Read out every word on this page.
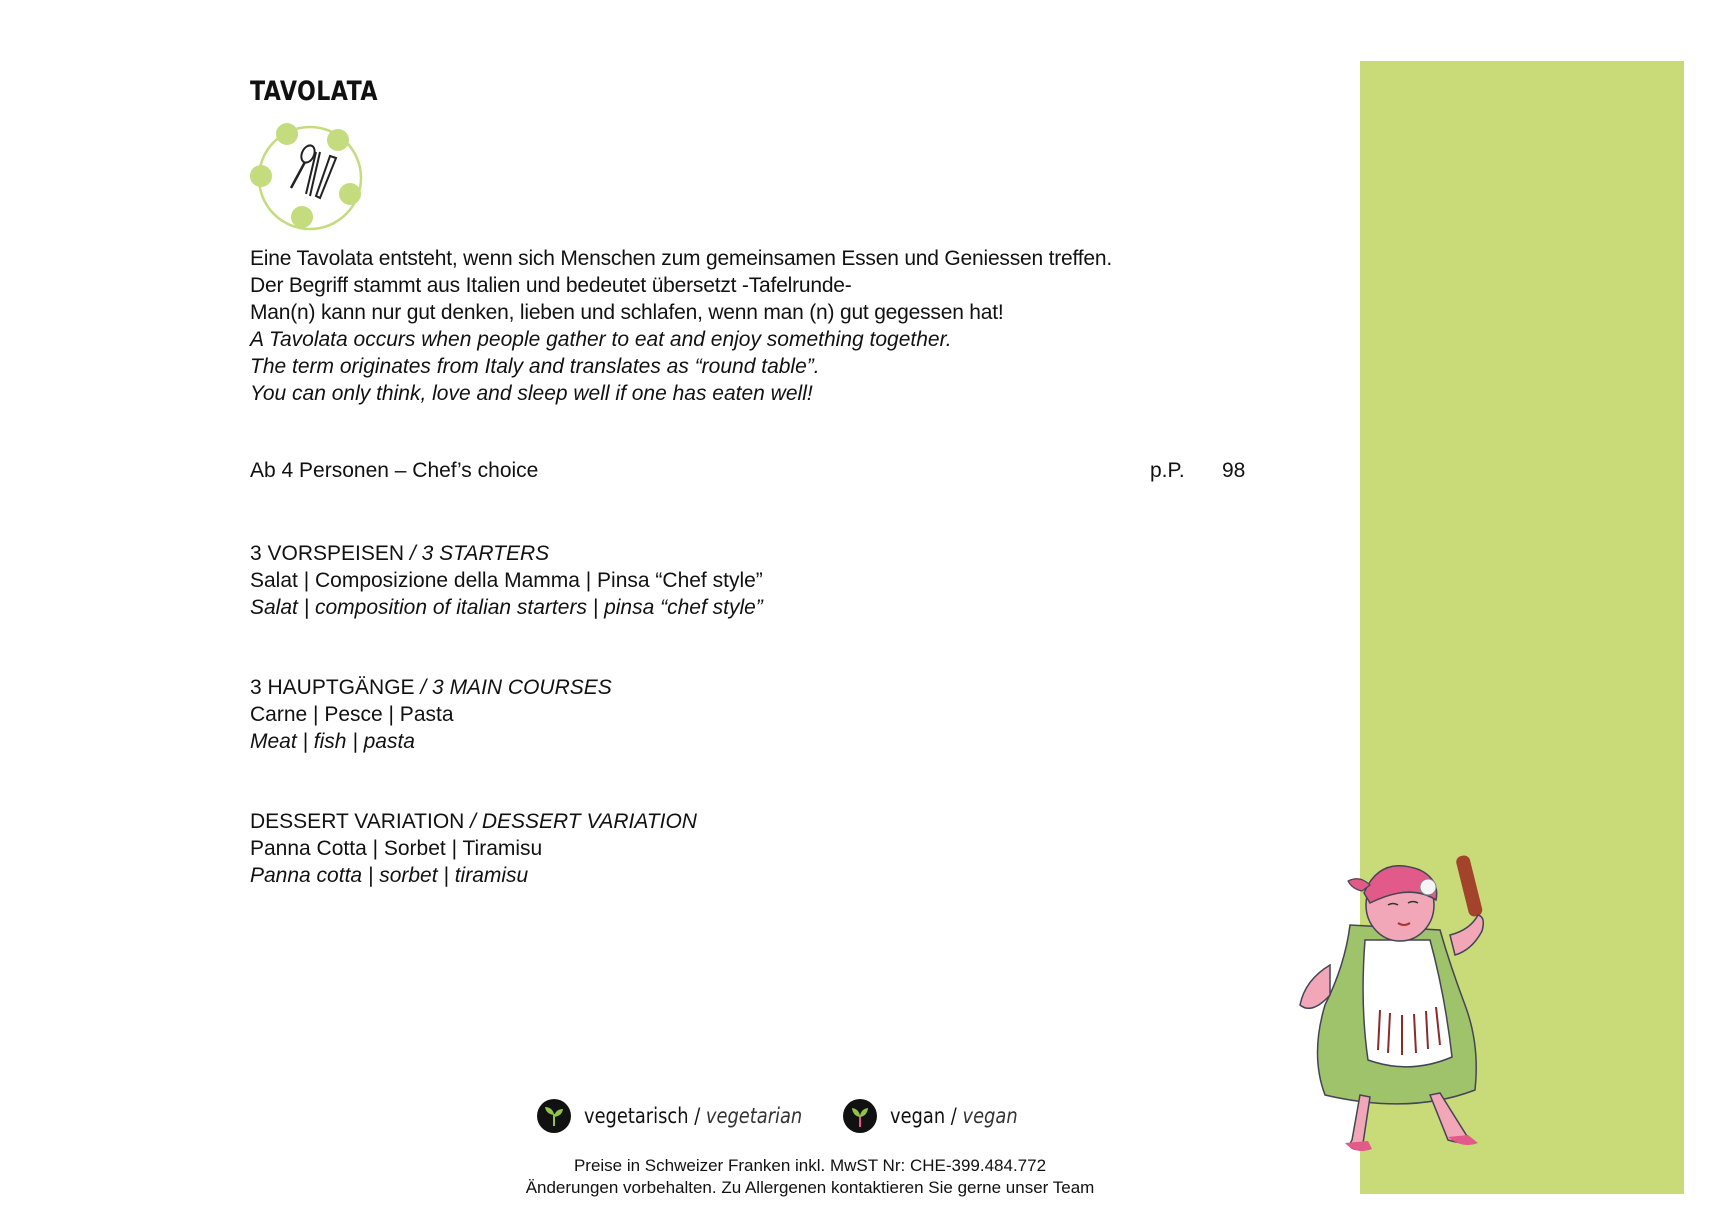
TAVOLATA
Eine Tavolata entsteht, wenn sich Menschen zum gemeinsamen Essen und Geniessen treffen.
Der Begriff stammt aus Italien und bedeutet übersetzt -Tafelrunde-
Man(n) kann nur gut denken, lieben und schlafen, wenn man (n) gut gegessen hat!
A Tavolata occurs when people gather to eat and enjoy something together.
The term originates from Italy and translates as “round table”.
You can only think, love and sleep well if one has eaten well!
Ab 4 Personen – Chef’s choice	p.P. 98
3 VORSPEISEN / 3 STARTERS
Salat | Composizione della Mamma | Pinsa “Chef style”
Salat | composition of italian starters | pinsa “chef style”
3 HAUPTGÄNGE / 3 MAIN COURSES
Carne | Pesce | Pasta
Meat | fish | pasta
DESSERT VARIATION / DESSERT VARIATION
Panna Cotta | Sorbet | Tiramisu
Panna cotta | sorbet | tiramisu
vegetarisch / vegetarian	vegan / vegan
Preise in Schweizer Franken inkl. MwST Nr: CHE-399.484.772
Änderungen vorbehalten. Zu Allergenen kontaktieren Sie gerne unser Team
